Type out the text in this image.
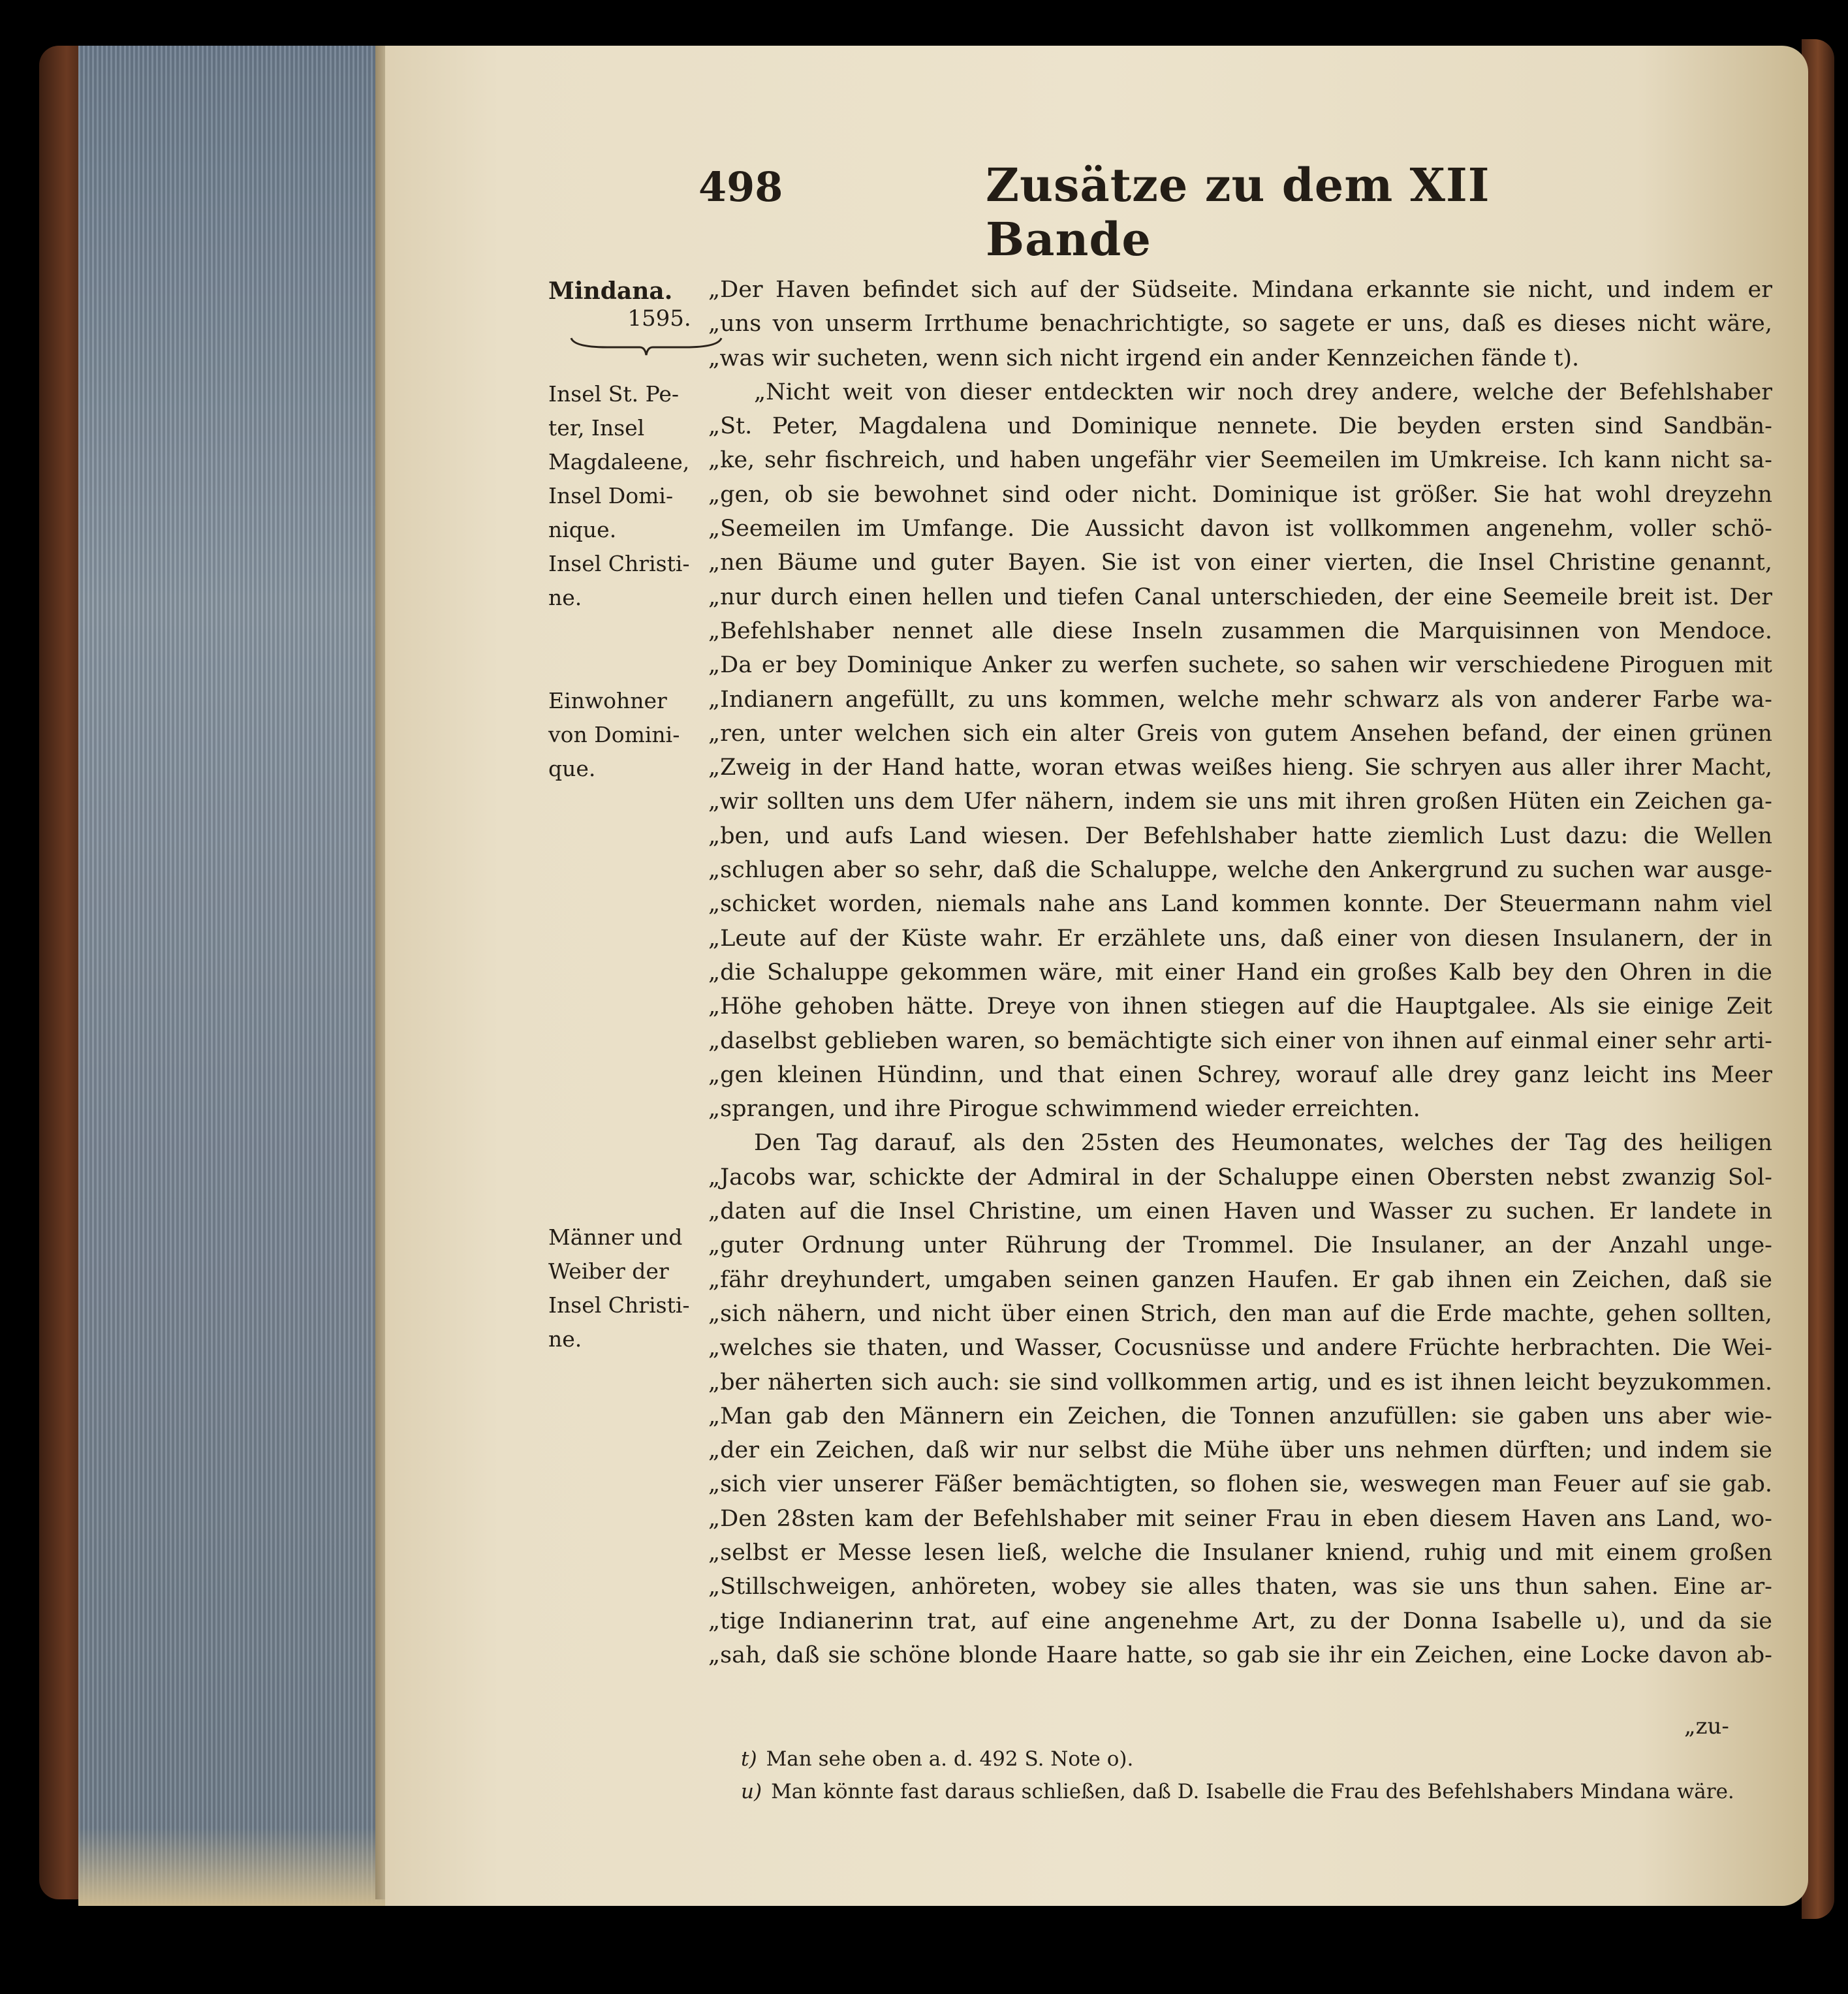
498	Zusätze zu dem XII Bande
Mindana.
1595.
Insel St. Pe-
ter, Insel
Magdaleene,
Insel Domi-
nique.
Insel Christi-
ne.
Einwohner
von Domini-
que.
Männer und
Weiber der
Insel Christi-
ne.
„Der Haven befindet sich auf der Südseite. Mindana erkannte sie nicht, und indem er
„uns von unserm Irrthume benachrichtigte, so sagete er uns, daß es dieses nicht wäre,
„was wir sucheten, wenn sich nicht irgend ein ander Kennzeichen fände t).
„Nicht weit von dieser entdeckten wir noch drey andere, welche der Befehlshaber
„St. Peter, Magdalena und Dominique nennete. Die beyden ersten sind Sandbän-
„ke, sehr fischreich, und haben ungefähr vier Seemeilen im Umkreise. Ich kann nicht sa-
„gen, ob sie bewohnet sind oder nicht. Dominique ist größer. Sie hat wohl dreyzehn
„Seemeilen im Umfange. Die Aussicht davon ist vollkommen angenehm, voller schö-
„nen Bäume und guter Bayen. Sie ist von einer vierten, die Insel Christine genannt,
„nur durch einen hellen und tiefen Canal unterschieden, der eine Seemeile breit ist. Der
„Befehlshaber nennet alle diese Inseln zusammen die Marquisinnen von Mendoce.
„Da er bey Dominique Anker zu werfen suchete, so sahen wir verschiedene Piroguen mit
„Indianern angefüllt, zu uns kommen, welche mehr schwarz als von anderer Farbe wa-
„ren, unter welchen sich ein alter Greis von gutem Ansehen befand, der einen grünen
„Zweig in der Hand hatte, woran etwas weißes hieng. Sie schryen aus aller ihrer Macht,
„wir sollten uns dem Ufer nähern, indem sie uns mit ihren großen Hüten ein Zeichen ga-
„ben, und aufs Land wiesen. Der Befehlshaber hatte ziemlich Lust dazu: die Wellen
„schlugen aber so sehr, daß die Schaluppe, welche den Ankergrund zu suchen war ausge-
„schicket worden, niemals nahe ans Land kommen konnte. Der Steuermann nahm viel
„Leute auf der Küste wahr. Er erzählete uns, daß einer von diesen Insulanern, der in
„die Schaluppe gekommen wäre, mit einer Hand ein großes Kalb bey den Ohren in die
„Höhe gehoben hätte. Dreye von ihnen stiegen auf die Hauptgalee. Als sie einige Zeit
„daselbst geblieben waren, so bemächtigte sich einer von ihnen auf einmal einer sehr arti-
„gen kleinen Hündinn, und that einen Schrey, worauf alle drey ganz leicht ins Meer
„sprangen, und ihre Pirogue schwimmend wieder erreichten.
Den Tag darauf, als den 25sten des Heumonates, welches der Tag des heiligen
„Jacobs war, schickte der Admiral in der Schaluppe einen Obersten nebst zwanzig Sol-
„daten auf die Insel Christine, um einen Haven und Wasser zu suchen. Er landete in
„guter Ordnung unter Rührung der Trommel. Die Insulaner, an der Anzahl unge-
„fähr dreyhundert, umgaben seinen ganzen Haufen. Er gab ihnen ein Zeichen, daß sie
„sich nähern, und nicht über einen Strich, den man auf die Erde machte, gehen sollten,
„welches sie thaten, und Wasser, Cocusnüsse und andere Früchte herbrachten. Die Wei-
„ber näherten sich auch: sie sind vollkommen artig, und es ist ihnen leicht beyzukommen.
„Man gab den Männern ein Zeichen, die Tonnen anzufüllen: sie gaben uns aber wie-
„der ein Zeichen, daß wir nur selbst die Mühe über uns nehmen dürften; und indem sie
„sich vier unserer Fäßer bemächtigten, so flohen sie, weswegen man Feuer auf sie gab.
„Den 28sten kam der Befehlshaber mit seiner Frau in eben diesem Haven ans Land, wo-
„selbst er Messe lesen ließ, welche die Insulaner kniend, ruhig und mit einem großen
„Stillschweigen, anhöreten, wobey sie alles thaten, was sie uns thun sahen. Eine ar-
„tige Indianerinn trat, auf eine angenehme Art, zu der Donna Isabelle u), und da sie
„sah, daß sie schöne blonde Haare hatte, so gab sie ihr ein Zeichen, eine Locke davon ab-
„zu-
t) Man sehe oben a. d. 492 S. Note o).
u) Man könnte fast daraus schließen, daß D. Isabelle die Frau des Befehlshabers Mindana wäre.
